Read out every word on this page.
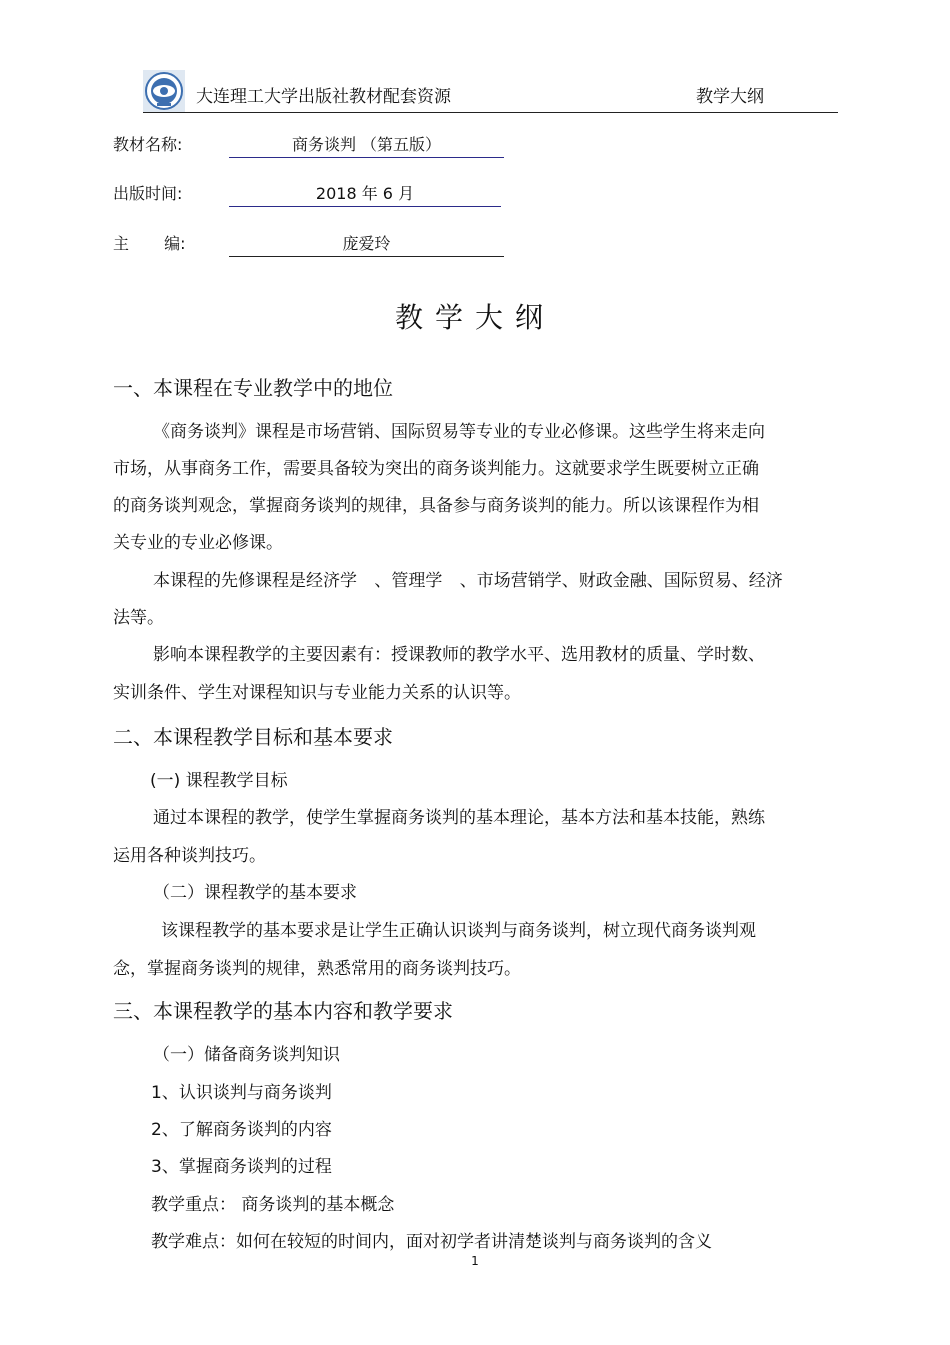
大连理工大学出版社教材配套资源	教学大纲
教材名称:	商务谈判 （第五版）
出版时间:	2018 年 6 月
主 编:	庞爱玲
教学大纲
一、本课程在专业教学中的地位
《商务谈判》课程是市场营销、国际贸易等专业的专业必修课。这些学生将来走向
市场，从事商务工作，需要具备较为突出的商务谈判能力。这就要求学生既要树立正确
的商务谈判观念，掌握商务谈判的规律，具备参与商务谈判的能力。所以该课程作为相
关专业的专业必修课。
本课程的先修课程是经济学 、管理学 、市场营销学、财政金融、国际贸易、经济
法等。
影响本课程教学的主要因素有：授课教师的教学水平、选用教材的质量、学时数、
实训条件、学生对课程知识与专业能力关系的认识等。
二、本课程教学目标和基本要求
(一) 课程教学目标
通过本课程的教学，使学生掌握商务谈判的基本理论，基本方法和基本技能，熟练
运用各种谈判技巧。
（二）课程教学的基本要求
该课程教学的基本要求是让学生正确认识谈判与商务谈判，树立现代商务谈判观
念，掌握商务谈判的规律，熟悉常用的商务谈判技巧。
三、本课程教学的基本内容和教学要求
（一）储备商务谈判知识
1、认识谈判与商务谈判
2、了解商务谈判的内容
3、掌握商务谈判的过程
教学重点： 商务谈判的基本概念
教学难点：如何在较短的时间内，面对初学者讲清楚谈判与商务谈判的含义
1
